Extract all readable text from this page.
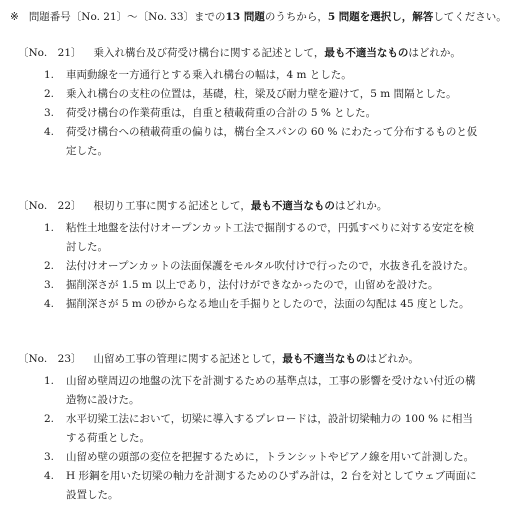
※ 問題番号〔No. 21〕～〔No. 33〕までの13 問題のうちから，5 問題を選択し，解答してください。
〔No.　21〕 乗入れ構台及び荷受け構台に関する記述として，最も不適当なものはどれか。
1.	車両動線を一方通行とする乗入れ構台の幅は，4 m とした。
2.	乗入れ構台の支柱の位置は，基礎，柱，梁及び耐力壁を避けて，5 m 間隔とした。
3.	荷受け構台の作業荷重は，自重と積載荷重の合計の 5 % とした。
4.	荷受け構台への積載荷重の偏りは，構台全スパンの 60 % にわたって分布するものと仮定した。
〔No.　22〕 根切り工事に関する記述として，最も不適当なものはどれか。
1.	粘性土地盤を法付けオープンカット工法で掘削するので，円弧すべりに対する安定を検討した。
2.	法付けオープンカットの法面保護をモルタル吹付けで行ったので，水抜き孔を設けた。
3.	掘削深さが 1.5 m 以上であり，法付けができなかったので，山留めを設けた。
4.	掘削深さが 5 m の砂からなる地山を手掘りとしたので，法面の勾配は 45 度とした。
〔No.　23〕 山留め工事の管理に関する記述として，最も不適当なものはどれか。
1.	山留め壁周辺の地盤の沈下を計測するための基準点は，工事の影響を受けない付近の構造物に設けた。
2.	水平切梁工法において，切梁に導入するプレロードは，設計切梁軸力の 100 % に相当する荷重とした。
3.	山留め壁の頭部の変位を把握するために，トランシットやピアノ線を用いて計測した。
4.	H 形鋼を用いた切梁の軸力を計測するためのひずみ計は，2 台を対としてウェブ両面に設置した。
